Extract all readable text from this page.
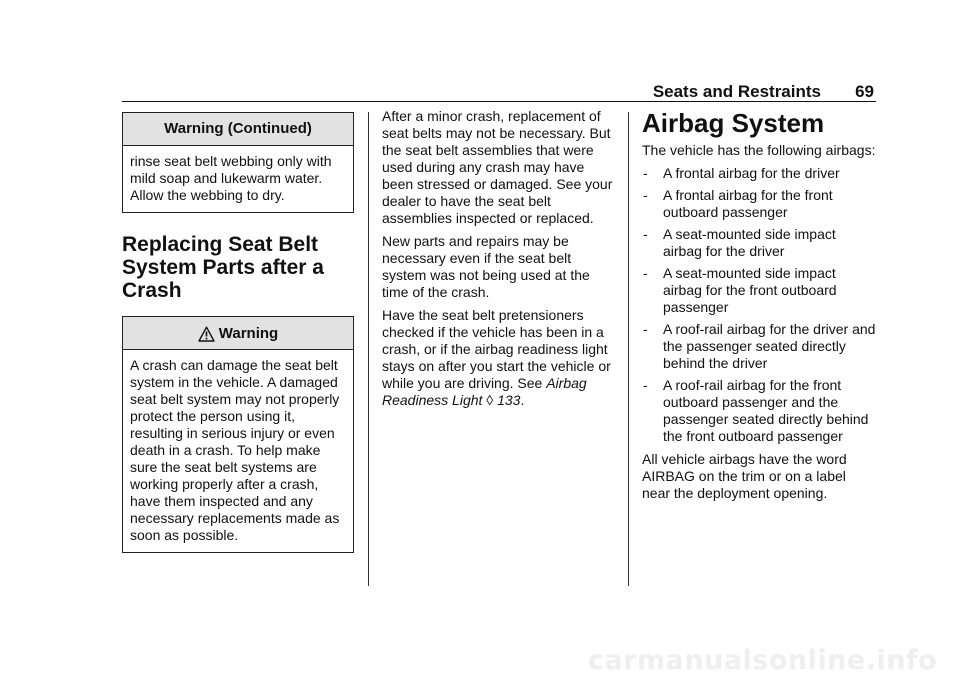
Seats and Restraints 69
Warning (Continued)
rinse seat belt webbing only with mild soap and lukewarm water. Allow the webbing to dry.
Replacing Seat Belt System Parts after a Crash
Warning
A crash can damage the seat belt system in the vehicle. A damaged seat belt system may not properly protect the person using it, resulting in serious injury or even death in a crash. To help make sure the seat belt systems are working properly after a crash, have them inspected and any necessary replacements made as soon as possible.

After a minor crash, replacement of seat belts may not be necessary. But the seat belt assemblies that were used during any crash may have been stressed or damaged. See your dealer to have the seat belt assemblies inspected or replaced.

New parts and repairs may be necessary even if the seat belt system was not being used at the time of the crash.

Have the seat belt pretensioners checked if the vehicle has been in a crash, or if the airbag readiness light stays on after you start the vehicle or while you are driving. See Airbag Readiness Light ◊ 133.

Airbag System

The vehicle has the following airbags:

‐ A frontal airbag for the driver
‐ A frontal airbag for the front outboard passenger
‐ A seat-mounted side impact airbag for the driver
‐ A seat-mounted side impact airbag for the front outboard passenger
‐ A roof-rail airbag for the driver and the passenger seated directly behind the driver
‐ A roof-rail airbag for the front outboard passenger and the passenger seated directly behind the front outboard passenger

All vehicle airbags have the word AIRBAG on the trim or on a label near the deployment opening.

carmanualsonline.info
